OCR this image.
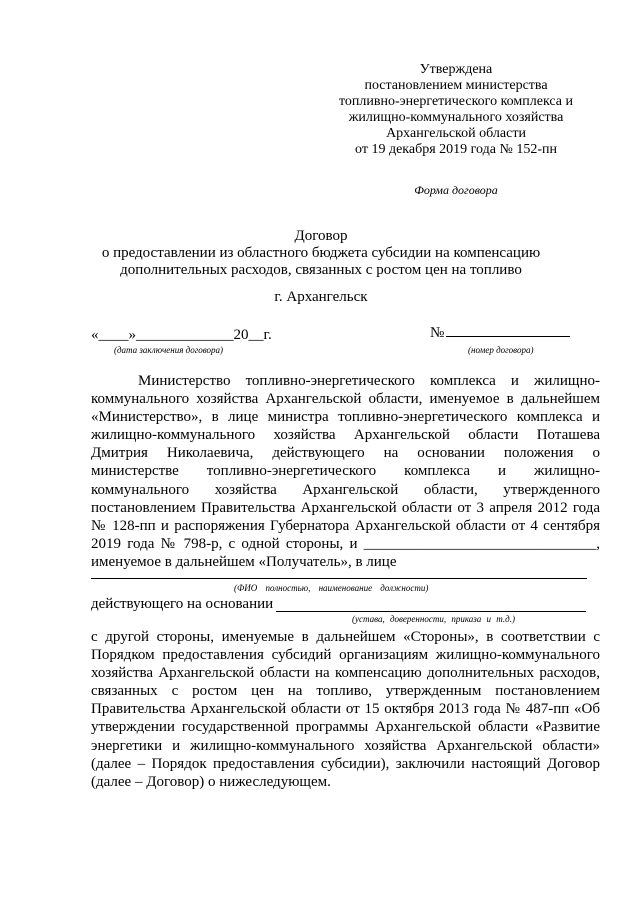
Утверждена
постановлением министерства
топливно-энергетического комплекса и
жилищно-коммунального хозяйства
Архангельской области
от 19 декабря 2019 года № 152-пн
Форма договора
Договор
о предоставлении из областного бюджета субсидии на компенсацию
дополнительных расходов, связанных с ростом цен на топливо
г. Архангельск
«____»_____________20__г.
(дата заключения договора)
№
(номер договора)
Министерство топливно-энергетического комплекса и жилищно-коммунального хозяйства Архангельской области, именуемое в дальнейшем «Министерство», в лице министра топливно-энергетического комплекса и жилищно-коммунального хозяйства Архангельской области Поташева Дмитрия Николаевича, действующего на основании положения о министерстве топливно-энергетического комплекса и жилищно-коммунального хозяйства Архангельской области, утвержденного постановлением Правительства Архангельской области от 3 апреля 2012 года № 128-пп и распоряжения Губернатора Архангельской области от 4 сентября 2019 года № 798-р, с одной стороны, и _______________________________, именуемое в дальнейшем «Получатель», в лице
(ФИО полностью, наименование должности)
действующего на основании
(устава, доверенности, приказа и т.д.)
с другой стороны, именуемые в дальнейшем «Стороны», в соответствии с Порядком предоставления субсидий организациям жилищно-коммунального хозяйства Архангельской области на компенсацию дополнительных расходов, связанных с ростом цен на топливо, утвержденным постановлением Правительства Архангельской области от 15 октября 2013 года № 487-пп «Об утверждении государственной программы Архангельской области «Развитие энергетики и жилищно-коммунального хозяйства Архангельской области» (далее – Порядок предоставления субсидии), заключили настоящий Договор (далее – Договор) о нижеследующем.
